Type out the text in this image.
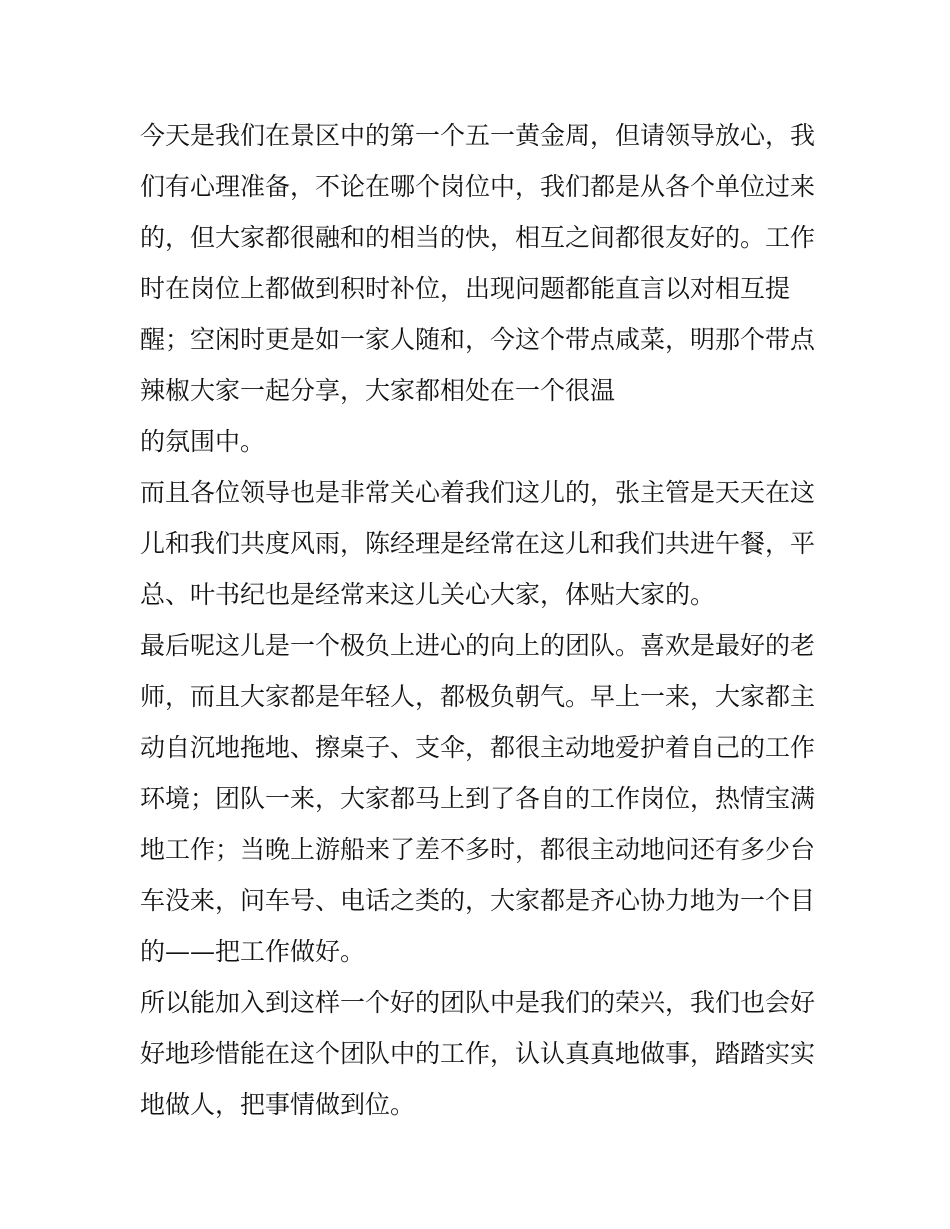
今天是我们在景区中的第一个五一黄金周，但请领导放心，我
们有心理准备，不论在哪个岗位中，我们都是从各个单位过来
的，但大家都很融和的相当的快，相互之间都很友好的。工作
时在岗位上都做到积时补位，出现问题都能直言以对相互提
醒；空闲时更是如一家人随和，今这个带点咸菜，明那个带点
辣椒大家一起分享，大家都相处在一个很温
的氛围中。
而且各位领导也是非常关心着我们这儿的，张主管是天天在这
儿和我们共度风雨，陈经理是经常在这儿和我们共进午餐，平
总、叶书纪也是经常来这儿关心大家，体贴大家的。
最后呢这儿是一个极负上进心的向上的团队。喜欢是最好的老
师，而且大家都是年轻人，都极负朝气。早上一来，大家都主
动自沉地拖地、擦桌子、支伞，都很主动地爱护着自己的工作
环境；团队一来，大家都马上到了各自的工作岗位，热情宝满
地工作；当晚上游船来了差不多时，都很主动地问还有多少台
车没来，问车号、电话之类的，大家都是齐心协力地为一个目
的——把工作做好。
所以能加入到这样一个好的团队中是我们的荣兴，我们也会好
好地珍惜能在这个团队中的工作，认认真真地做事，踏踏实实
地做人，把事情做到位。
